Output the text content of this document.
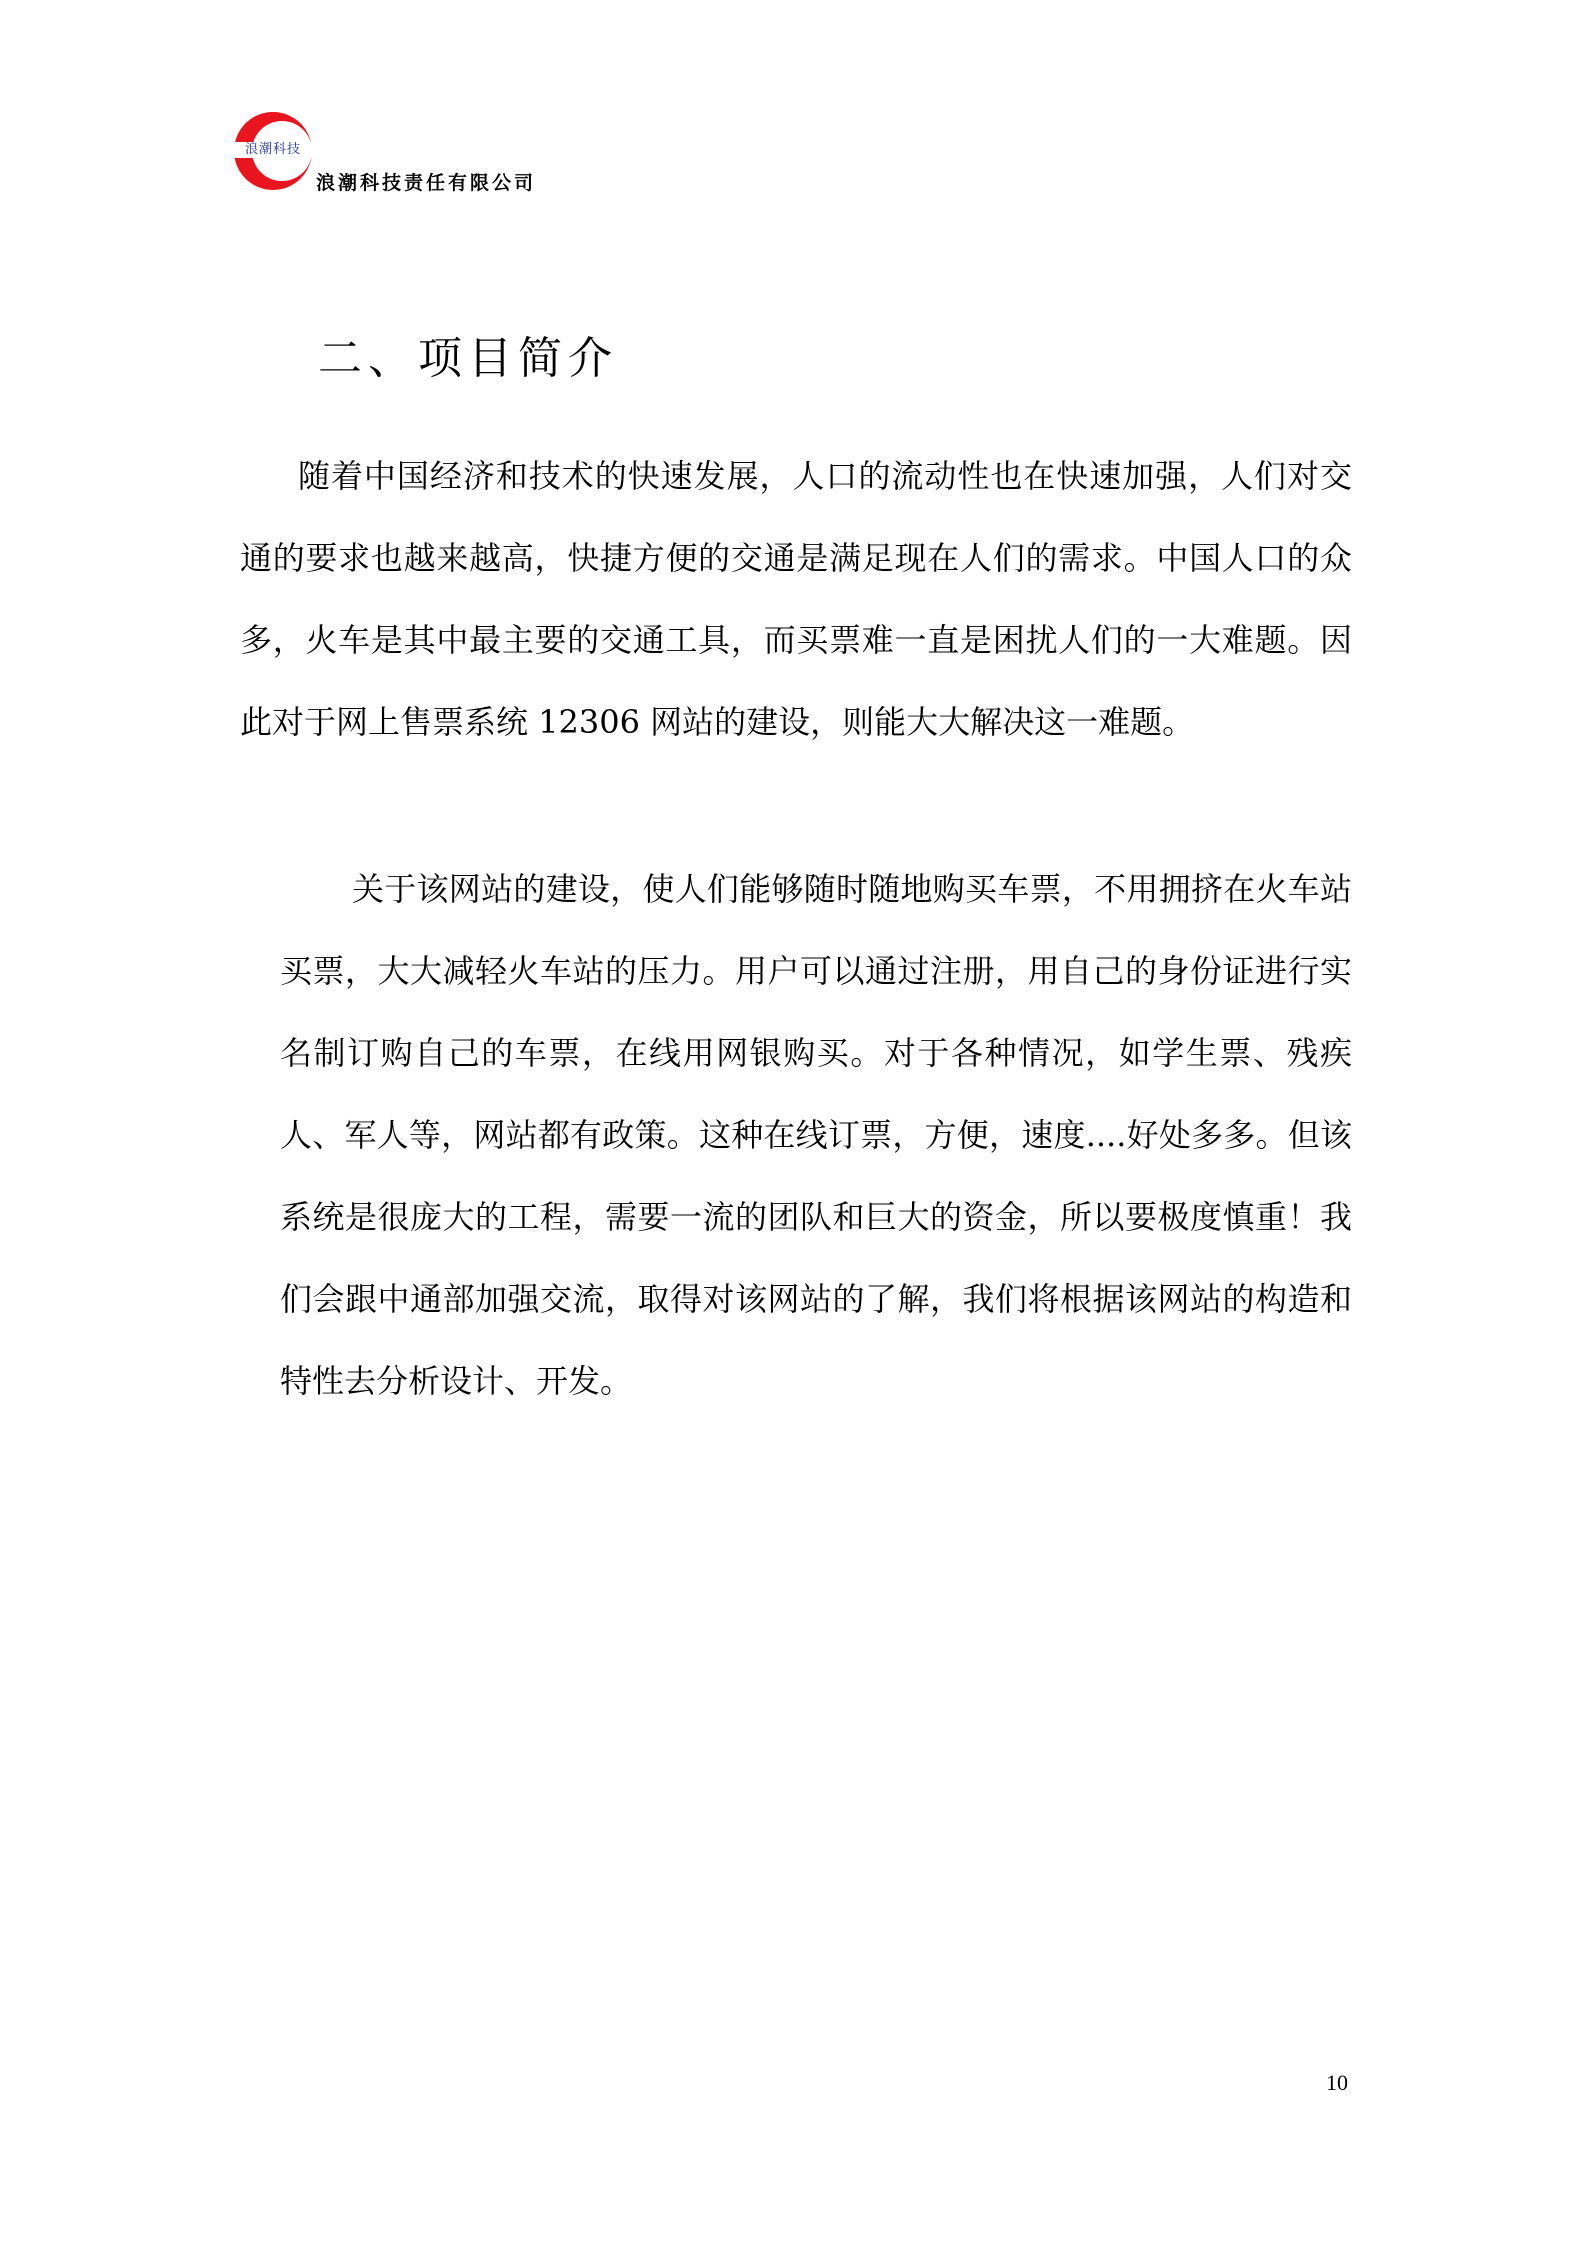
浪潮科技
浪潮科技责任有限公司
二、项目简介

随着中国经济和技术的快速发展，人口的流动性也在快速加强，人们对交通的要求也越来越高，快捷方便的交通是满足现在人们的需求。中国人口的众多，火车是其中最主要的交通工具，而买票难一直是困扰人们的一大难题。因此对于网上售票系统 12306 网站的建设，则能大大解决这一难题。

关于该网站的建设，使人们能够随时随地购买车票，不用拥挤在火车站买票，大大减轻火车站的压力。用户可以通过注册，用自己的身份证进行实名制订购自己的车票，在线用网银购买。对于各种情况，如学生票、残疾人、军人等，网站都有政策。这种在线订票，方便，速度....好处多多。但该系统是很庞大的工程，需要一流的团队和巨大的资金，所以要极度慎重！我们会跟中通部加强交流，取得对该网站的了解，我们将根据该网站的构造和特性去分析设计、开发。

10
